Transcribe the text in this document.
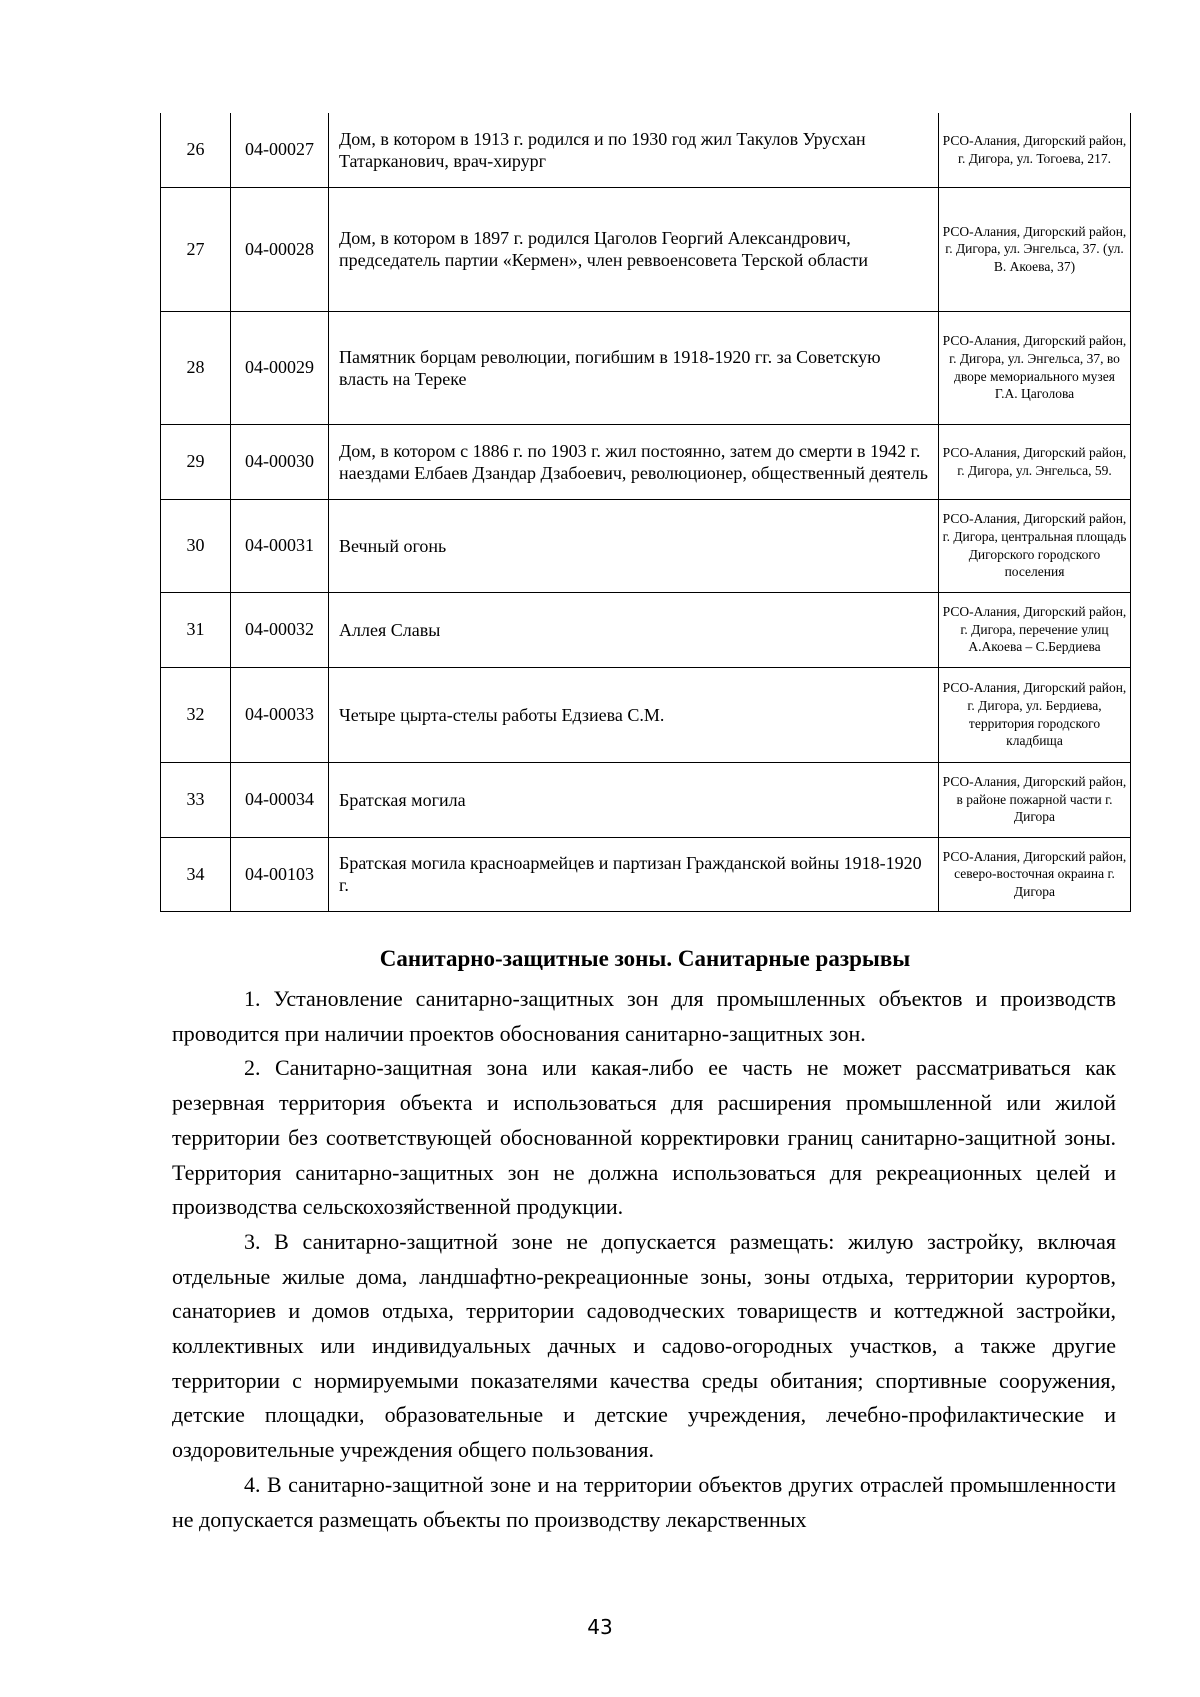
26	04-00027	Дом, в котором в 1913 г. родился и по 1930 год жил Такулов Урусхан Татарканович, врач-хирург	РСО-Алания, Дигорский район, г. Дигора, ул. Тогоева, 217.
27	04-00028	Дом, в котором в 1897 г. родился Цаголов Георгий Александрович, председатель партии «Кермен», член реввоенсовета Терской области	РСО-Алания, Дигорский район, г. Дигора, ул. Энгельса, 37. (ул. В. Акоева, 37)
28	04-00029	Памятник борцам революции, погибшим в 1918-1920 гг. за Советскую власть на Тереке	РСО-Алания, Дигорский район, г. Дигора, ул. Энгельса, 37, во дворе мемориального музея Г.А. Цаголова
29	04-00030	Дом, в котором с 1886 г. по 1903 г. жил постоянно, затем до смерти в 1942 г. наездами Елбаев Дзандар Дзабоевич, революционер, общественный деятель	РСО-Алания, Дигорский район, г. Дигора, ул. Энгельса, 59.
30	04-00031	Вечный огонь	РСО-Алания, Дигорский район, г. Дигора, центральная площадь Дигорского городского поселения
31	04-00032	Аллея Славы	РСО-Алания, Дигорский район, г. Дигора, перечение улиц А.Акоева – С.Бердиева
32	04-00033	Четыре цырта-стелы работы Едзиева С.М.	РСО-Алания, Дигорский район, г. Дигора, ул. Бердиева, территория городского кладбища
33	04-00034	Братская могила	РСО-Алания, Дигорский район, в районе пожарной части г. Дигора
34	04-00103	Братская могила красноармейцев и партизан Гражданской войны 1918-1920 г.	РСО-Алания, Дигорский район, северо-восточная окраина г. Дигора
Санитарно-защитные зоны. Санитарные разрывы

1. Установление санитарно-защитных зон для промышленных объектов и производств проводится при наличии проектов обоснования санитарно-защитных зон.

2. Санитарно-защитная зона или какая-либо ее часть не может рассматриваться как резервная территория объекта и использоваться для расширения промышленной или жилой территории без соответствующей обоснованной корректировки границ санитарно-защитной зоны. Территория санитарно-защитных зон не должна использоваться для рекреационных целей и производства сельскохозяйственной продукции.

3. В санитарно-защитной зоне не допускается размещать: жилую застройку, включая отдельные жилые дома, ландшафтно-рекреационные зоны, зоны отдыха, территории курортов, санаториев и домов отдыха, территории садоводческих товариществ и коттеджной застройки, коллективных или индивидуальных дачных и садово-огородных участков, а также другие территории с нормируемыми показателями качества среды обитания; спортивные сооружения, детские площадки, образовательные и детские учреждения, лечебно-профилактические и оздоровительные учреждения общего пользования.

4. В санитарно-защитной зоне и на территории объектов других отраслей промышленности не допускается размещать объекты по производству лекарственных

43
